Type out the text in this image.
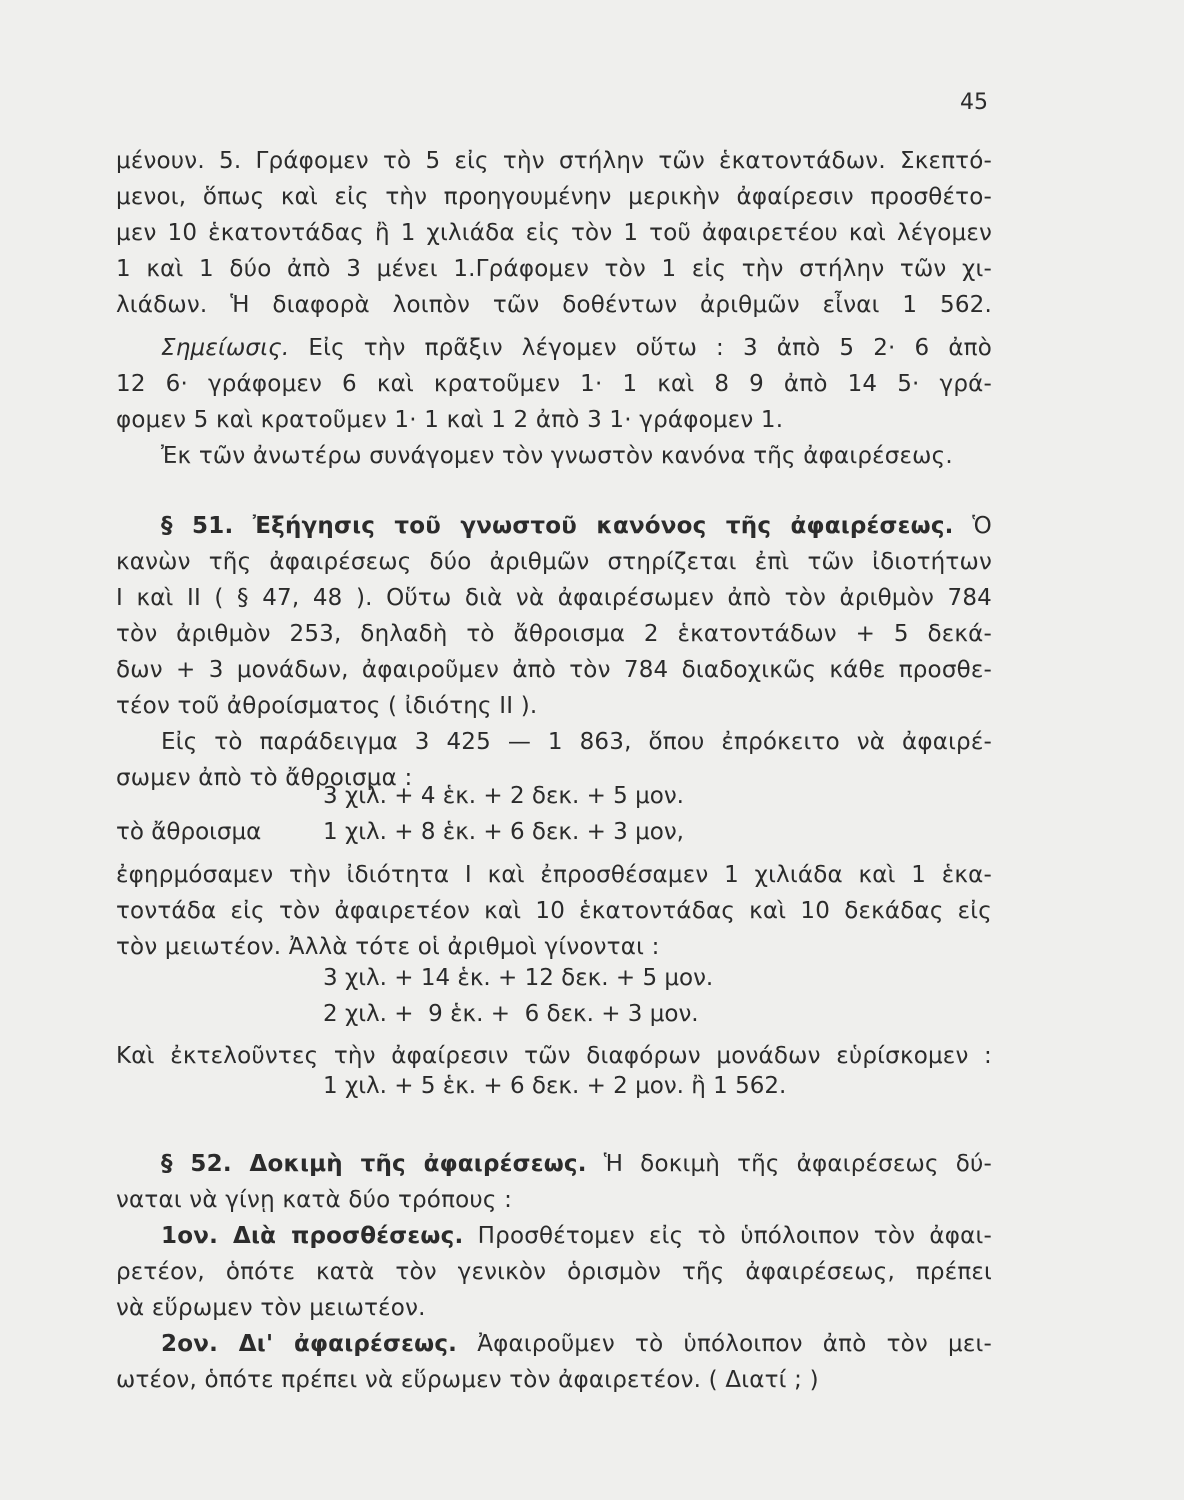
45
μένουν. 5. Γράφομεν τὸ 5 εἰς τὴν στήλην τῶν ἑκατοντάδων. Σκεπτό-
μενοι, ὅπως καὶ εἰς τὴν προηγουμένην μερικὴν ἀφαίρεσιν προσθέτο-
μεν 10 ἑκατοντάδας ἢ 1 χιλιάδα εἰς τὸν 1 τοῦ ἀφαιρετέου καὶ λέγομεν
1 καὶ 1 δύο ἀπὸ 3 μένει 1.Γράφομεν τὸν 1 εἰς τὴν στήλην τῶν χι-
λιάδων. Ἡ διαφορὰ λοιπὸν τῶν δοθέντων ἀριθμῶν εἶναι 1 562.
Σημείωσις. Εἰς τὴν πρᾶξιν λέγομεν οὕτω : 3 ἀπὸ 5 2· 6 ἀπὸ
12 6· γράφομεν 6 καὶ κρατοῦμεν 1· 1 καὶ 8 9 ἀπὸ 14 5· γρά-
φομεν 5 καὶ κρατοῦμεν 1· 1 καὶ 1 2 ἀπὸ 3 1· γράφομεν 1.
Ἐκ τῶν ἀνωτέρω συνάγομεν τὸν γνωστὸν κανόνα τῆς ἀφαιρέσεως.
§ 51. Ἐξήγησις τοῦ γνωστοῦ κανόνος τῆς ἀφαιρέσεως. Ὁ
κανὼν τῆς ἀφαιρέσεως δύο ἀριθμῶν στηρίζεται ἐπὶ τῶν ἰδιοτήτων
I καὶ II ( § 47, 48 ). Οὕτω διὰ νὰ ἀφαιρέσωμεν ἀπὸ τὸν ἀριθμὸν 784
τὸν ἀριθμὸν 253, δηλαδὴ τὸ ἄθροισμα 2 ἑκατοντάδων + 5 δεκά-
δων + 3 μονάδων, ἀφαιροῦμεν ἀπὸ τὸν 784 διαδοχικῶς κάθε προσθε-
τέον τοῦ ἀθροίσματος ( ἰδιότης II ).
Εἰς τὸ παράδειγμα 3 425 — 1 863, ὅπου ἐπρόκειτο νὰ ἀφαιρέ-
σωμεν ἀπὸ τὸ ἄθροισμα :
3 χιλ. + 4 ἑκ. + 2 δεκ. + 5 μον.
τὸ ἄθροισμα	1 χιλ. + 8 ἑκ. + 6 δεκ. + 3 μον,
ἐφηρμόσαμεν τὴν ἰδιότητα I καὶ ἐπροσθέσαμεν 1 χιλιάδα καὶ 1 ἑκα-
τοντάδα εἰς τὸν ἀφαιρετέον καὶ 10 ἑκατοντάδας καὶ 10 δεκάδας εἰς
τὸν μειωτέον. Ἀλλὰ τότε οἱ ἀριθμοὶ γίνονται :
3 χιλ. + 14 ἑκ. + 12 δεκ. + 5 μον.
2 χιλ. +  9 ἑκ. +  6 δεκ. + 3 μον.
Καὶ ἐκτελοῦντες τὴν ἀφαίρεσιν τῶν διαφόρων μονάδων εὑρίσκομεν :
1 χιλ. + 5 ἑκ. + 6 δεκ. + 2 μον. ἢ 1 562.
§ 52. Δοκιμὴ τῆς ἀφαιρέσεως. Ἡ δοκιμὴ τῆς ἀφαιρέσεως δύ-
ναται νὰ γίνῃ κατὰ δύο τρόπους :
1ον. Διὰ προσθέσεως. Προσθέτομεν εἰς τὸ ὑπόλοιπον τὸν ἀφαι-
ρετέον, ὁπότε κατὰ τὸν γενικὸν ὁρισμὸν τῆς ἀφαιρέσεως, πρέπει
νὰ εὕρωμεν τὸν μειωτέον.
2ον. Δι' ἀφαιρέσεως. Ἀφαιροῦμεν τὸ ὑπόλοιπον ἀπὸ τὸν μει-
ωτέον, ὁπότε πρέπει νὰ εὕρωμεν τὸν ἀφαιρετέον. ( Διατί ; )
